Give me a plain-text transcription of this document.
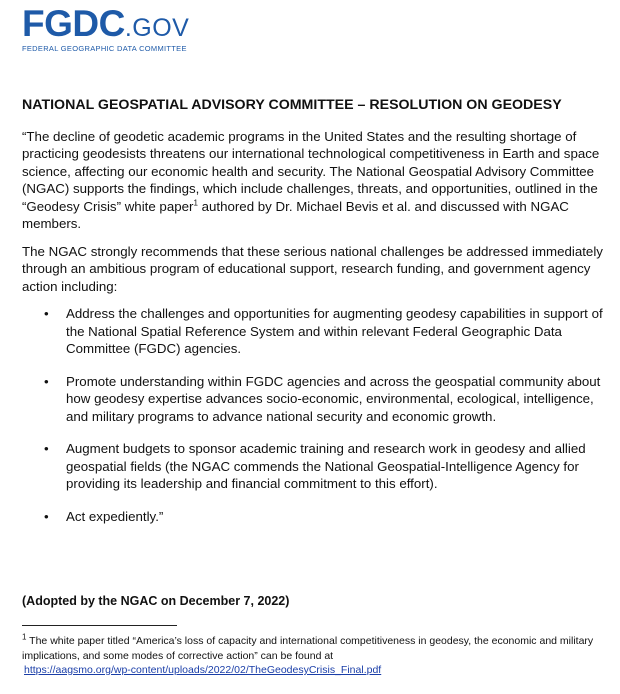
FGDC.GOV
FEDERAL GEOGRAPHIC DATA COMMITTEE
NATIONAL GEOSPATIAL ADVISORY COMMITTEE – RESOLUTION ON GEODESY

“The decline of geodetic academic programs in the United States and the resulting shortage of practicing geodesists threatens our international technological competitiveness in Earth and space science, affecting our economic health and security. The National Geospatial Advisory Committee (NGAC) supports the findings, which include challenges, threats, and opportunities, outlined in the “Geodesy Crisis” white paper$^1$ authored by Dr. Michael Bevis et al. and discussed with NGAC members.

The NGAC strongly recommends that these serious national challenges be addressed immediately through an ambitious program of educational support, research funding, and government agency action including:

• Address the challenges and opportunities for augmenting geodesy capabilities in support of the National Spatial Reference System and within relevant Federal Geographic Data Committee (FGDC) agencies.
• Promote understanding within FGDC agencies and across the geospatial community about how geodesy expertise advances socio-economic, environmental, ecological, intelligence, and military programs to advance national security and economic growth.
• Augment budgets to sponsor academic training and research work in geodesy and allied geospatial fields (the NGAC commends the National Geospatial-Intelligence Agency for providing its leadership and financial commitment to this effort).
• Act expediently.”
(Adopted by the NGAC on December 7, 2022)
$^1$ The white paper titled “America’s loss of capacity and international competitiveness in geodesy, the economic and military implications, and some modes of corrective action” can be found at
https://aagsmo.org/wp-content/uploads/2022/02/TheGeodesyCrisis_Final.pdf
